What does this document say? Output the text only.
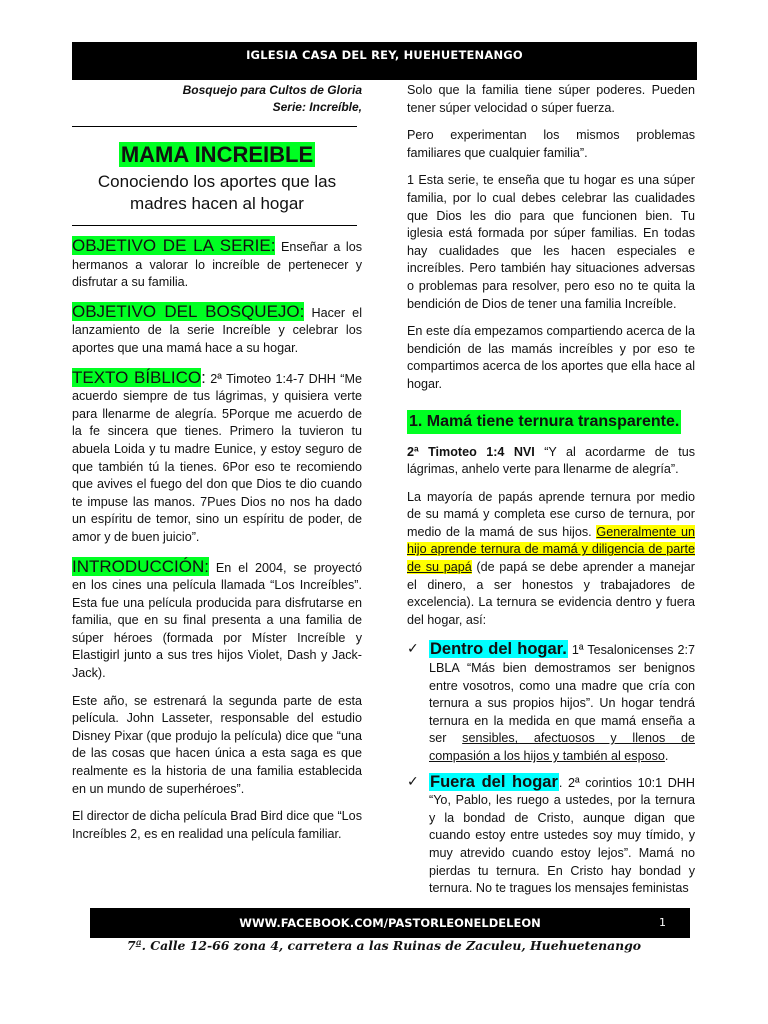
IGLESIA CASA DEL REY, HUEHUETENANGO

Bosquejo para Cultos de Gloria

Serie: Increíble,

MAMA INCREIBLE

Conociendo los aportes que las madres hacen al hogar

OBJETIVO DE LA SERIE: Enseñar a los hermanos a valorar lo increíble de pertenecer y disfrutar a su familia.

OBJETIVO DEL BOSQUEJO: Hacer el lanzamiento de la serie Increíble y celebrar los aportes que una mamá hace a su hogar.

TEXTO BÍBLICO: 2ª Timoteo 1:4-7 DHH “Me acuerdo siempre de tus lágrimas, y quisiera verte para llenarme de alegría. 5Porque me acuerdo de la fe sincera que tienes. Primero la tuvieron tu abuela Loida y tu madre Eunice, y estoy seguro de que también tú la tienes. 6Por eso te recomiendo que avives el fuego del don que Dios te dio cuando te impuse las manos. 7Pues Dios no nos ha dado un espíritu de temor, sino un espíritu de poder, de amor y de buen juicio”.

INTRODUCCIÓN: En el 2004, se proyectó en los cines una película llamada “Los Increíbles”. Esta fue una película producida para disfrutarse en familia, que en su final presenta a una familia de súper héroes (formada por Míster Increíble y Elastigirl junto a sus tres hijos Violet, Dash y Jack-Jack).

Este año, se estrenará la segunda parte de esta película. John Lasseter, responsable del estudio Disney Pixar (que produjo la película) dice que “una de las cosas que hacen única a esta saga es que realmente es la historia de una familia establecida en un mundo de superhéroes”.

El director de dicha película Brad Bird dice que “Los Increíbles 2, es en realidad una película familiar.

Solo que la familia tiene súper poderes. Pueden tener súper velocidad o súper fuerza.

Pero experimentan los mismos problemas familiares que cualquier familia”.

1 Esta serie, te enseña que tu hogar es una súper familia, por lo cual debes celebrar las cualidades que Dios les dio para que funcionen bien. Tu iglesia está formada por súper familias. En todas hay cualidades que les hacen especiales e increíbles. Pero también hay situaciones adversas o problemas para resolver, pero eso no te quita la bendición de Dios de tener una familia Increíble.

En este día empezamos compartiendo acerca de la bendición de las mamás increíbles y por eso te compartimos acerca de los aportes que ella hace al hogar.

1. Mamá tiene ternura transparente.

2ª Timoteo 1:4 NVI “Y al acordarme de tus lágrimas, anhelo verte para llenarme de alegría”.

La mayoría de papás aprende ternura por medio de su mamá y completa ese curso de ternura, por medio de la mamá de sus hijos. Generalmente un hijo aprende ternura de mamá y diligencia de parte de su papá (de papá se debe aprender a manejar el dinero, a ser honestos y trabajadores de excelencia). La ternura se evidencia dentro y fuera del hogar, así:

✓ Dentro del hogar. 1ª Tesalonicenses 2:7 LBLA “Más bien demostramos ser benignos entre vosotros, como una madre que cría con ternura a sus propios hijos”. Un hogar tendrá ternura en la medida en que mamá enseña a ser sensibles, afectuosos y llenos de compasión a los hijos y también al esposo.
✓ Fuera del hogar. 2ª corintios 10:1 DHH “Yo, Pablo, les ruego a ustedes, por la ternura y la bondad de Cristo, aunque digan que cuando estoy entre ustedes soy muy tímido, y muy atrevido cuando estoy lejos”. Mamá no pierdas tu ternura. En Cristo hay bondad y ternura. No te tragues los mensajes feministas
WWW.FACEBOOK.COM/PASTORLEONELDELEON	1
7ª. Calle 12-66 zona 4, carretera a las Ruinas de Zaculeu, Huehuetenango
